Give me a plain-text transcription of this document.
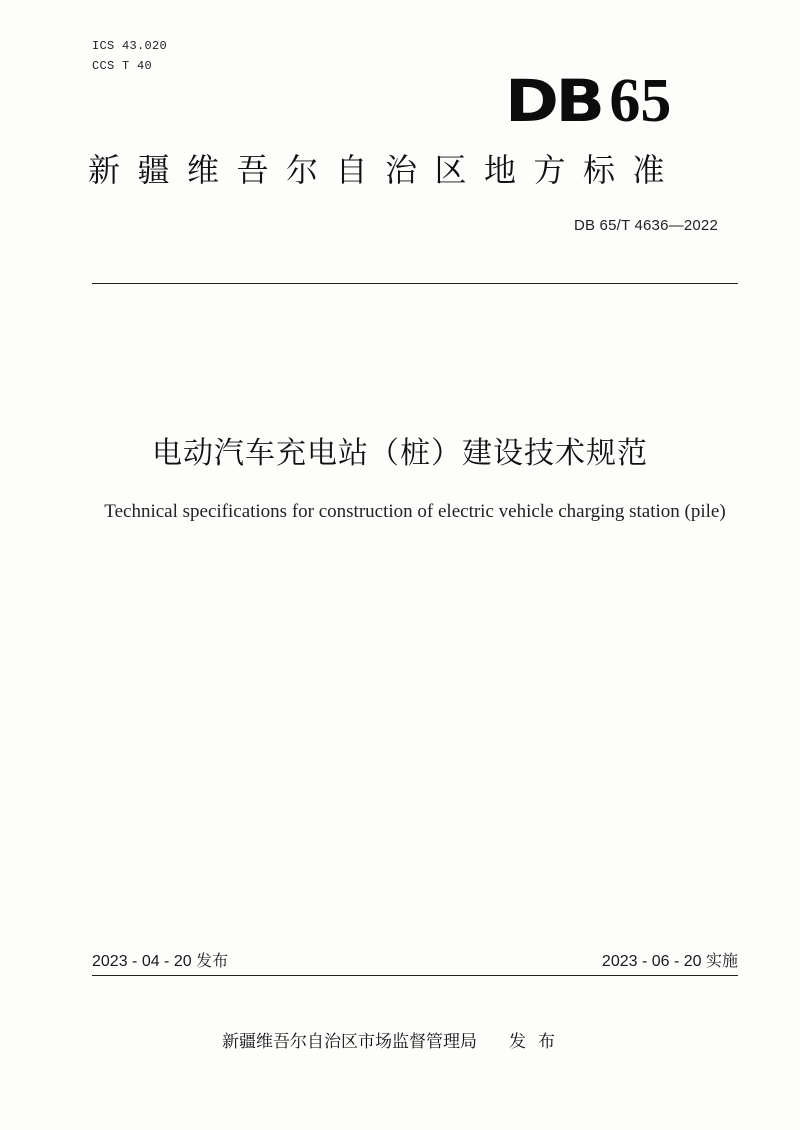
ICS 43.020
CCS T 40
DB 65
新疆维吾尔自治区地方标准
DB 65/T 4636—2022
电动汽车充电站（桩）建设技术规范
Technical specifications for construction of electric vehicle charging station (pile)
2023 - 04 - 20 发布	2023 - 06 - 20 实施
新疆维吾尔自治区市场监督管理局 发布
